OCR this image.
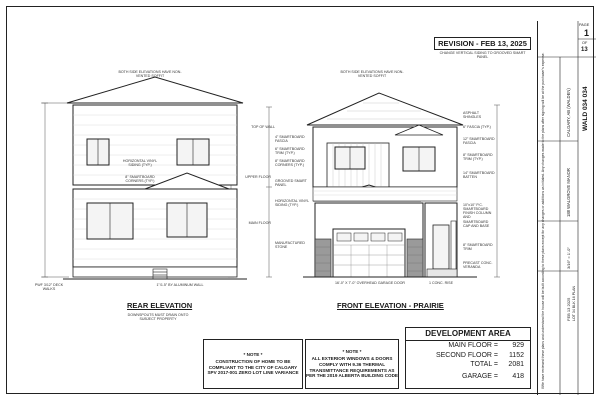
REVISION - FEB 13, 2025
CHANGE VERTICAL SIDING TO GROOVED SMART PANEL
BOTH SIDE ELEVATIONS HAVE NON-VENTED SOFFIT
BOTH SIDE ELEVATIONS HAVE NON-VENTED SOFFIT
HORIZONTAL VINYL SIDING (TYP.)
8" SMARTBOARD CORNERS (TYP.)
PWF 3/12" DECK WALKS
1"/1.5" BY ALUMINUM WALL
REAR ELEVATION
DOWNSPOUTS MUST DRAIN ONTO SUBJECT PROPERTY
TOP OF WALL
4" SMARTBOARD FASCIA
6" SMARTBOARD TRIM (TYP.)
8" SMARTBOARD CORNERS (TYP.)
UPPER FLOOR
GROOVED SMART PANEL
HORIZONTAL VINYL SIDING (TYP.)
MAIN FLOOR
MANUFACTURED STONE
ASPHALT SHINGLES
6" FASCIA (TYP.)
12" SMARTBOARD FASCIA
8" SMARTBOARD TRIM (TYP.)
14" SMARTBOARD BATTEN
10"x10" P.C. SMARTBOARD FINISH COLUMN AND SMARTBOARD CAP AND BASE
8" SMARTBOARD TRIM
PRECAST CONC. VERANDA
16'-0" X 7'-0" OVERHEAD GARAGE DOOR	1 CONC. RISE
FRONT ELEVATION - PRAIRIE
* NOTE *
CONSTRUCTION OF HOME TO BE COMPLIANT TO THE CITY OF CALGARY SPV 2017-001 ZERO LOT LINE VARIANCE
* NOTE *
ALL EXTERIOR WINDOWS & DOORS COMPLY WITH 9.36 THERMAL TRANSMITTANCE REQUIREMENTS AS PER THE 2019 ALBERTA BUILDING CODE
DEVELOPMENT AREA
MAIN FLOOR =	929
SECOND FLOOR =	1152
TOTAL =	2081
GARAGE =	418
PAGE
1
OF
13
WALD 034 034
CALGARY, AB (WALDEN)
188 WALGROVE MANOR
3/16" = 1'-0"
FEB 13 2025 LOT 34 BLK 16 PLAN
I/We have reviewed these plans and understand the house will be built according to these plans except for any changes or additions as initialed. Any changes made to the plans after signing will be at the purchaser's expense.
